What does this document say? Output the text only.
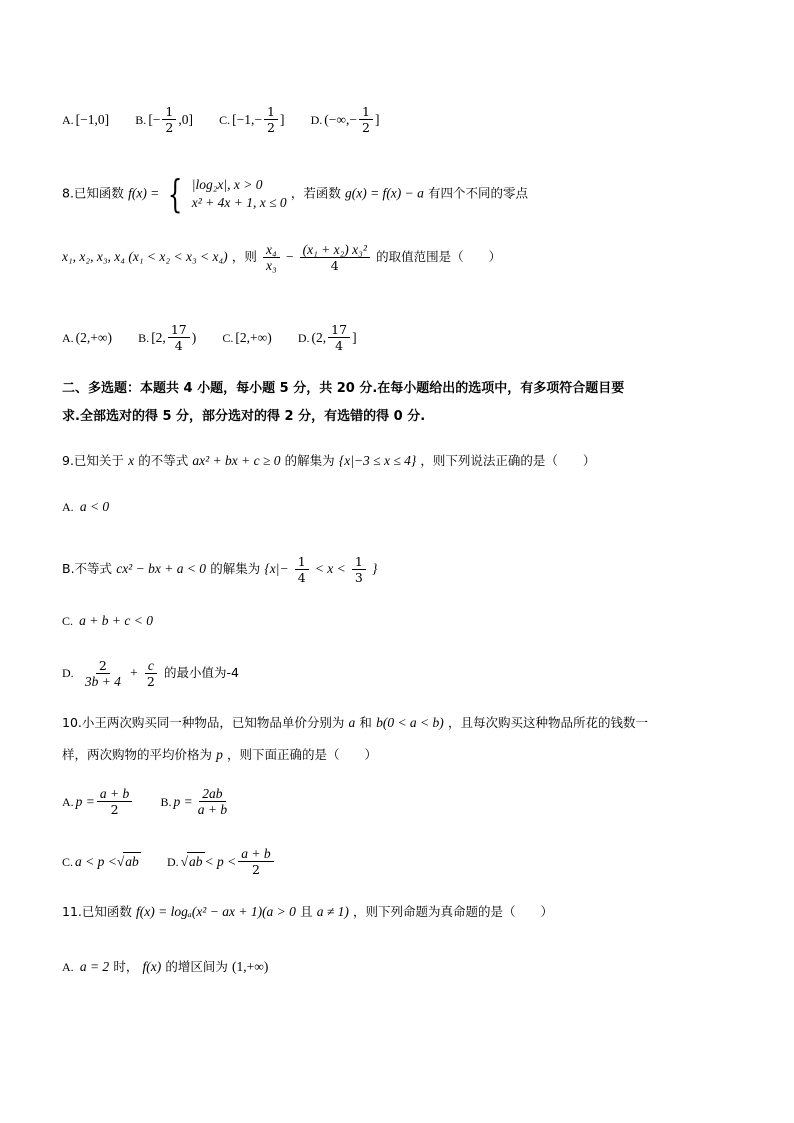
A. [−1,0]
B. [− $\frac{1}{2} ,0$]
C. [$-1,- \frac{1}{2}$ ]
D. (−∞,− $\frac{1}{2}$ ]
8.已知函数 f(x) = { |log₂x|, x > 0
x² + 4x + 1, x ≤ 0
，若函数 g(x) = f(x) − a 有四个不同的零点
x₁, x₂, x₃, x₄ (x₁ < x₂ < x₃ < x₄) ，则 $\frac{\text{x₄}}{\text{x₃}} - \frac{\text{(x₁ + x₂) x₃²}}{4}$ 的取值范围是（　　）
A. (2,+∞)
B. [2, $\frac{17}{4}$ )
C. [2,+∞)
D. (2, $\frac{17}{4}$ ]
二、多选题：本题共 4 小题，每小题 5 分，共 20 分.在每小题给出的选项中，有多项符合题目要
求.全部选对的得 5 分，部分选对的得 2 分，有选错的得 0 分.
9.已知关于 x 的不等式 ax² + bx + c ≥ 0 的解集为 {x|−3 ≤ x ≤ 4} ，则下列说法正确的是（　　）
A. a < 0
B.不等式 cx² − bx + a < 0 的解集为 {$x|- \frac{1}{4} < x < \frac{1}{3}$ }
C. a + b + c < 0
D. $\frac{2}{3b + 4} + \frac{c}{2}$ 的最小值为-4
10.小王两次购买同一种物品，已知物品单价分别为 a 和 b(0 < a < b) ，且每次购买这种物品所花的钱数一
样，两次购物的平均价格为 p ，则下面正确的是（　　）
A. $p = \frac{a + b}{2}$
B. $p = \frac{2ab}{a + b}$
C. a < p < √ ab
D. √ ab < $p < \frac{a + b}{2}$
11.已知函数 f(x) = logₐ(x² − ax + 1)(a > 0 且 a ≠ 1) ，则下列命题为真命题的是（　　）
A. a = 2 时， f(x) 的增区间为 (1,+∞)
